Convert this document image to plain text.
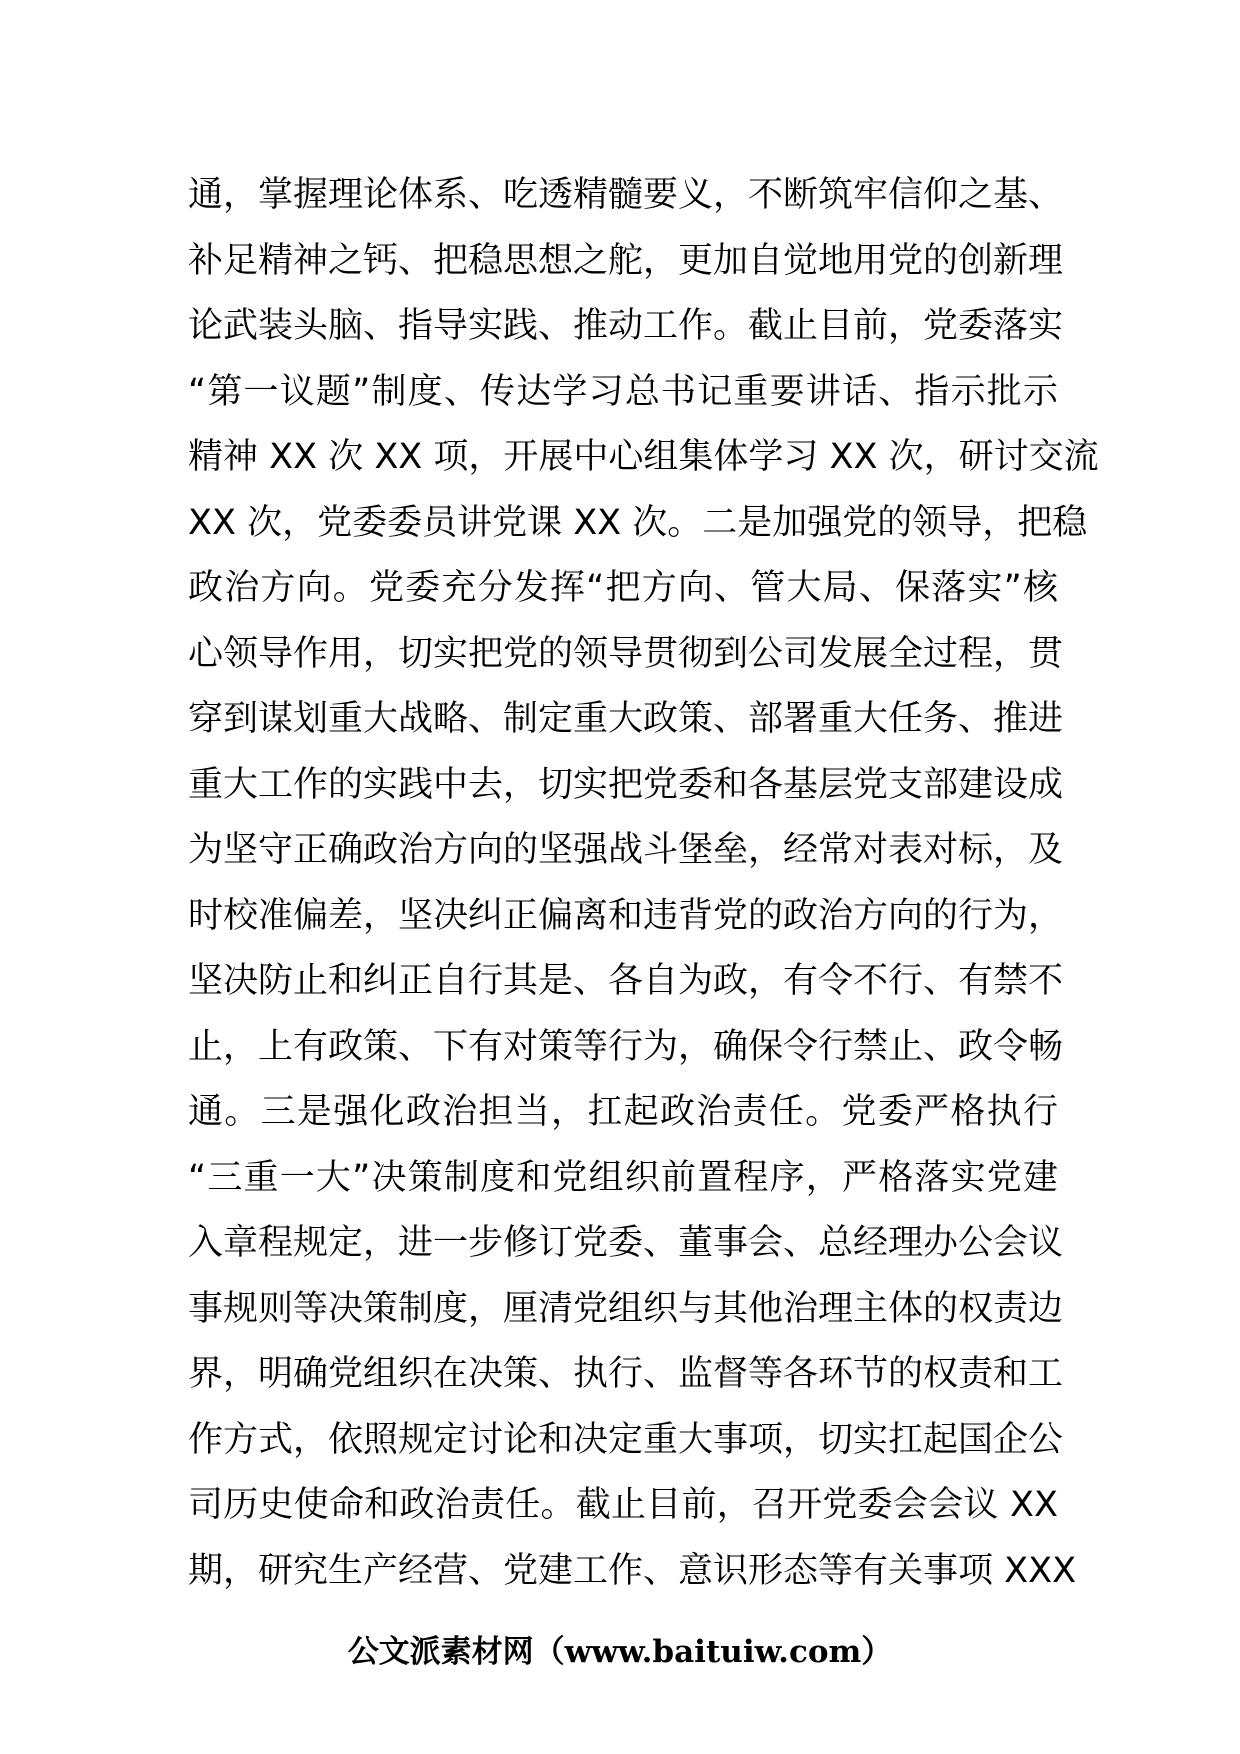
通，掌握理论体系、吃透精髓要义，不断筑牢信仰之基、
补足精神之钙、把稳思想之舵，更加自觉地用党的创新理
论武装头脑、指导实践、推动工作。截止目前，党委落实
“第一议题”制度、传达学习总书记重要讲话、指示批示
精神 XX 次 XX 项，开展中心组集体学习 XX 次，研讨交流
XX 次，党委委员讲党课 XX 次。二是加强党的领导，把稳
政治方向。党委充分发挥“把方向、管大局、保落实”核
心领导作用，切实把党的领导贯彻到公司发展全过程，贯
穿到谋划重大战略、制定重大政策、部署重大任务、推进
重大工作的实践中去，切实把党委和各基层党支部建设成
为坚守正确政治方向的坚强战斗堡垒，经常对表对标，及
时校准偏差，坚决纠正偏离和违背党的政治方向的行为，
坚决防止和纠正自行其是、各自为政，有令不行、有禁不
止，上有政策、下有对策等行为，确保令行禁止、政令畅
通。三是强化政治担当，扛起政治责任。党委严格执行
“三重一大”决策制度和党组织前置程序，严格落实党建
入章程规定，进一步修订党委、董事会、总经理办公会议
事规则等决策制度，厘清党组织与其他治理主体的权责边
界，明确党组织在决策、执行、监督等各环节的权责和工
作方式，依照规定讨论和决定重大事项，切实扛起国企公
司历史使命和政治责任。截止目前，召开党委会会议 XX
期，研究生产经营、党建工作、意识形态等有关事项 XXX
公文派素材网（www.baituiw.com）
